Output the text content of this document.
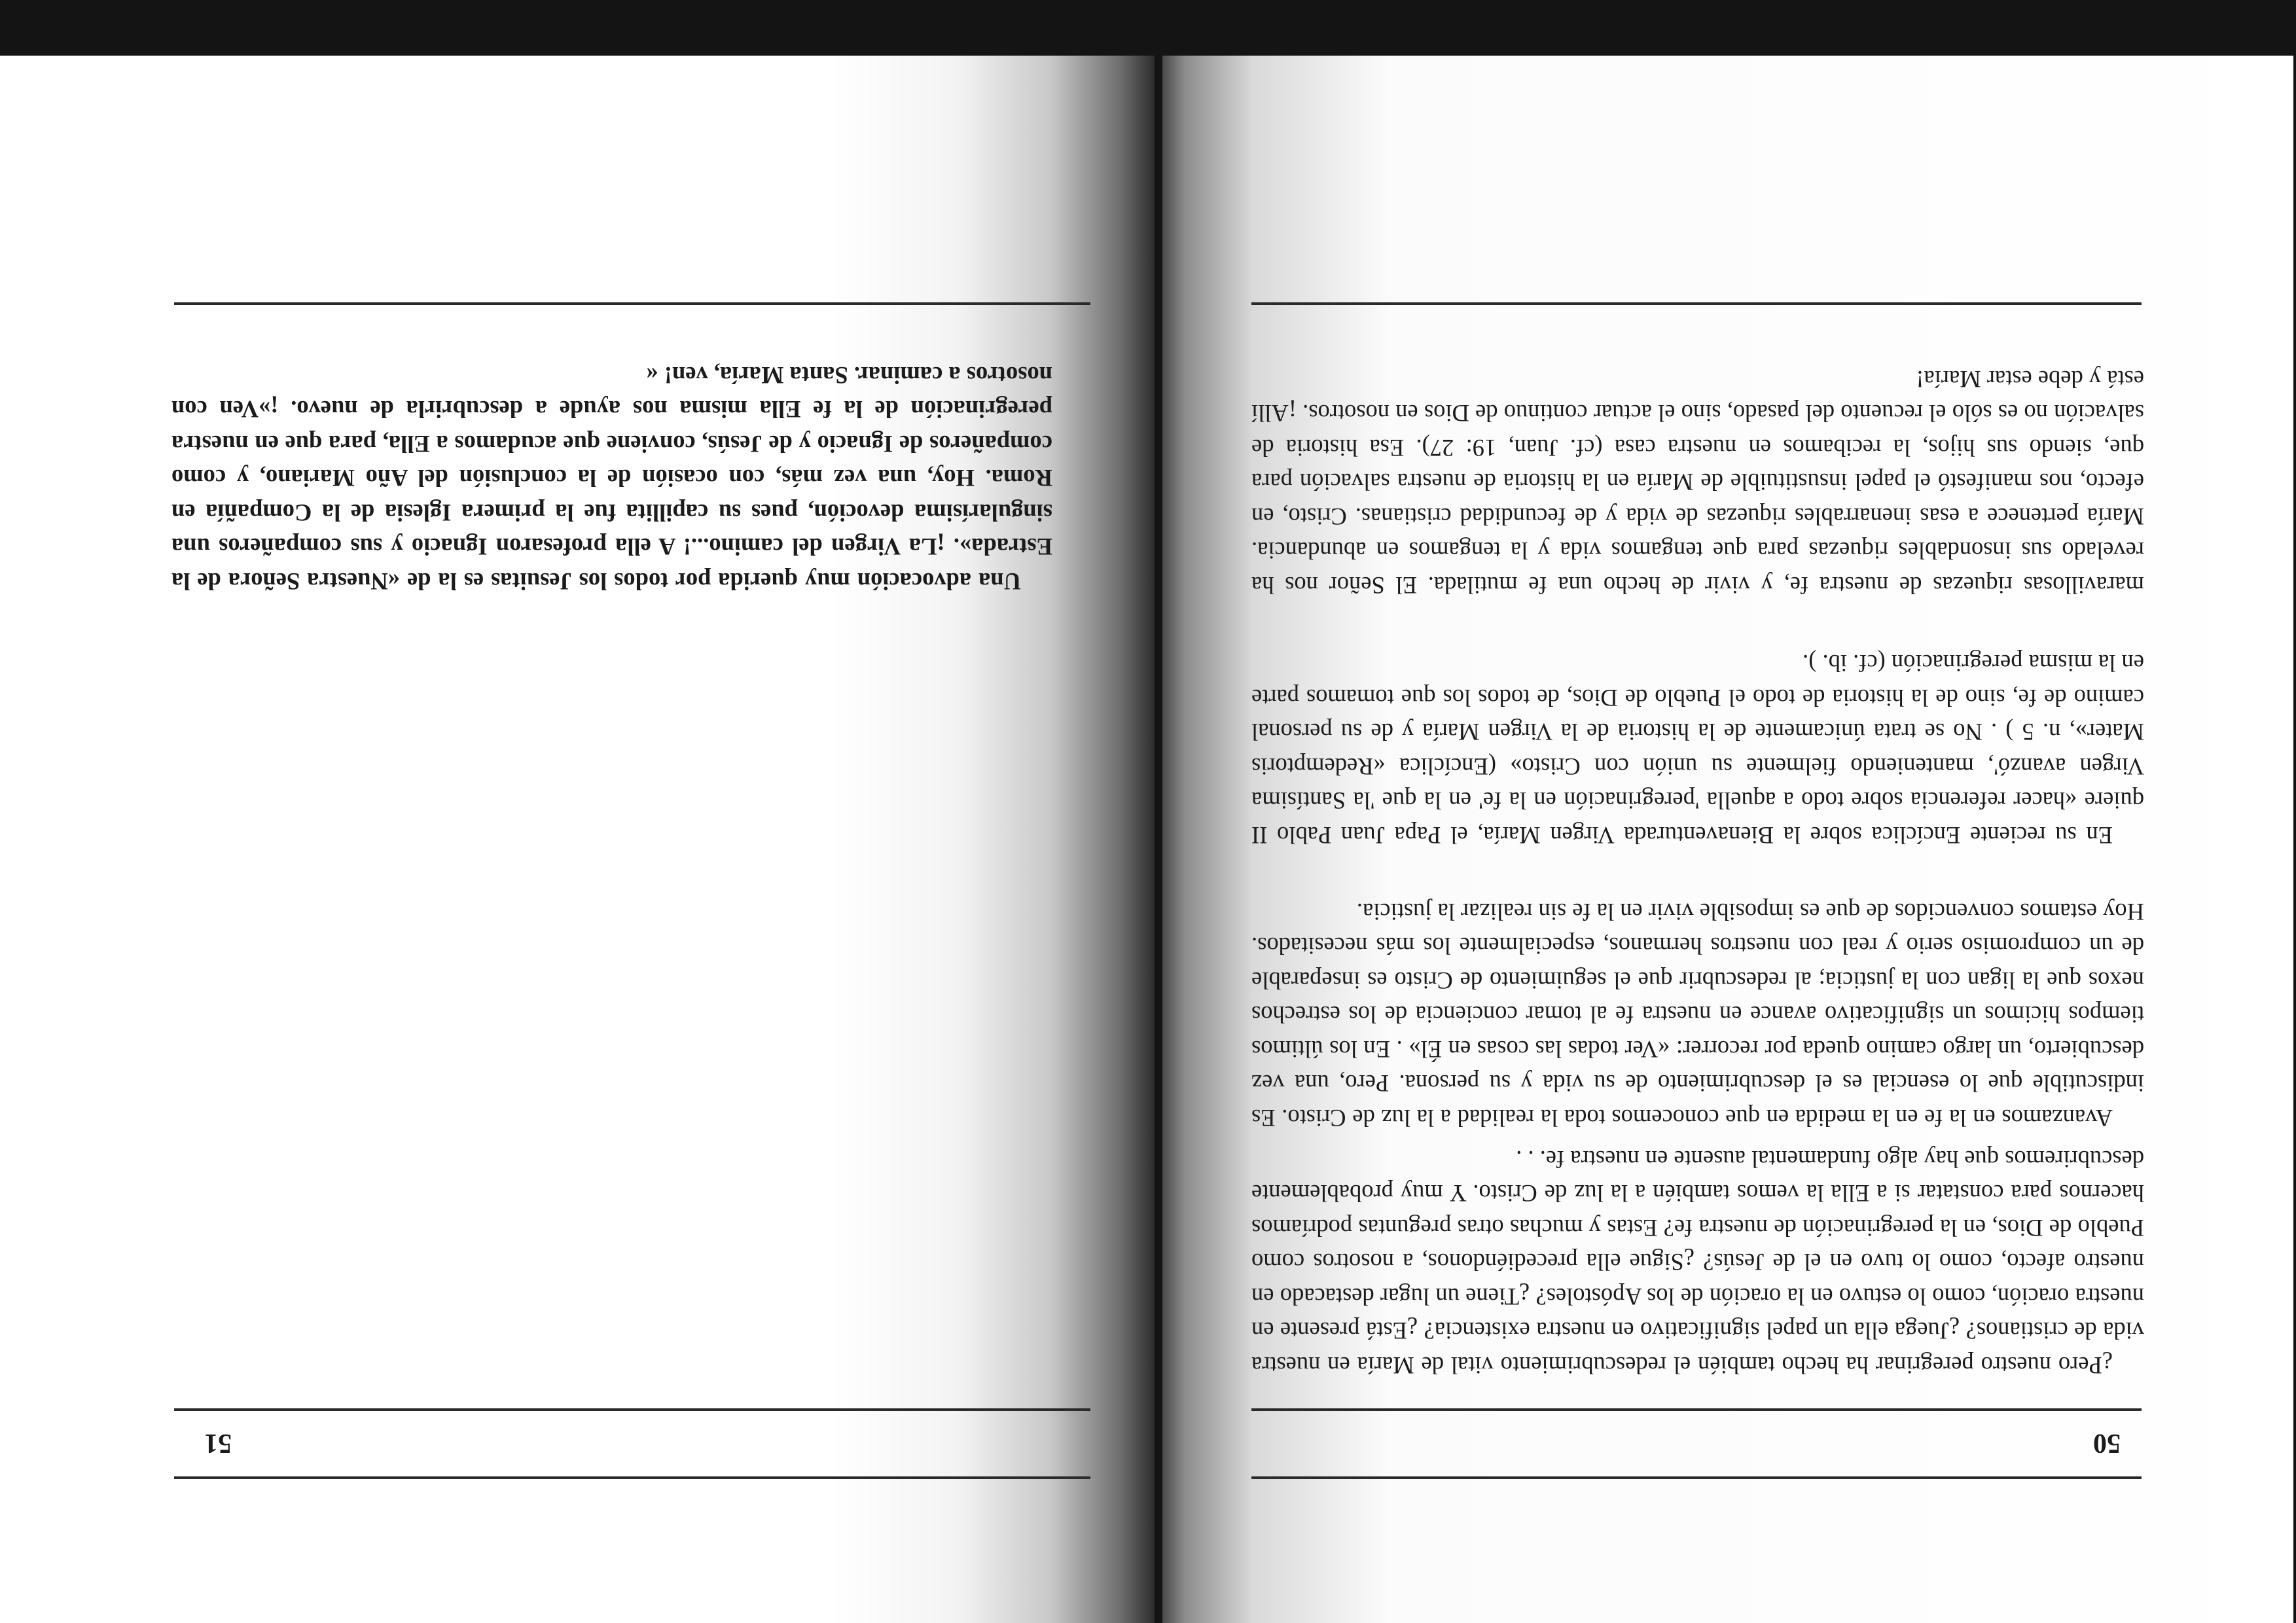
50

¿Pero nuestro peregrinar ha hecho también el redescubrimiento vital de María en nuestra vida de cristianos? ¿Juega ella un papel significativo en nuestra existencia? ¿Está presente en nuestra oración, como lo estuvo en la oración de los Apóstoles? ¿Tiene un lugar destacado en nuestro afecto, como lo tuvo en el de Jesús? ¿Sigue ella precediéndonos, a nosotros como Pueblo de Dios, en la peregrinación de nuestra fe? Estas y muchas otras preguntas podríamos hacernos para constatar si a Ella la vemos también a la luz de Cristo. Y muy probablemente descubriremos que hay algo fundamental ausente en nuestra fe. . .

Avanzamos en la fe en la medida en que conocemos toda la realidad a la luz de Cristo. Es indiscutible que lo esencial es el descubrimiento de su vida y su persona. Pero, una vez descubierto, un largo camino queda por recorrer: «Ver todas las cosas en Él» . En los últimos tiempos hicimos un significativo avance en nuestra fe al tomar conciencia de los estrechos nexos que la ligan con la justicia; al redescubrir que el seguimiento de Cristo es inseparable de un compromiso serio y real con nuestros hermanos, especialmente los más necesitados. Hoy estamos convencidos de que es imposible vivir en la fe sin realizar la justicia.

En su reciente Encíclica sobre la Bienaventurada Virgen María, el Papa Juan Pablo II quiere «hacer referencia sobre todo a aquella 'peregrinación en la fe' en la que 'la Santísima Virgen avanzó', manteniendo fielmente su unión con Cristo» (Encíclica «Redemptoris Mater», n. 5 ) . No se trata únicamente de la historia de la Virgen María y de su personal camino de fe, sino de la historia de todo el Pueblo de Dios, de todos los que tomamos parte en la misma peregrinación (cf. ib. ).

maravillosas riquezas de nuestra fe, y vivir de hecho una fe mutilada. El Señor nos ha revelado sus insondables riquezas para que tengamos vida y la tengamos en abundancia. María pertenece a esas inenarrables riquezas de vida y de fecundidad cristianas. Cristo, en efecto, nos manifestó el papel insustituible de María en la historia de nuestra salvación para que, siendo sus hijos, la recibamos en nuestra casa (cf. Juan, 19: 27). Esa historia de salvación no es sólo el recuento del pasado, sino el actuar continuo de Dios en nosotros. ¡Allí está y debe estar María!

51

Una advocación muy querida por todos los Jesuitas es la de «Nuestra Señora de la Estrada». ¡La Virgen del camino...! A ella profesaron Ignacio y sus compañeros una singularísima devoción, pues su capillita fue la primera Iglesia de la Compañía en Roma. Hoy, una vez más, con ocasión de la conclusión del Año Mariano, y como compañeros de Ignacio y de Jesús, conviene que acudamos a Ella, para que en nuestra peregrinación de la fe Ella misma nos ayude a descubrirla de nuevo. ¡»Ven con nosotros a caminar. Santa María, ven! «
